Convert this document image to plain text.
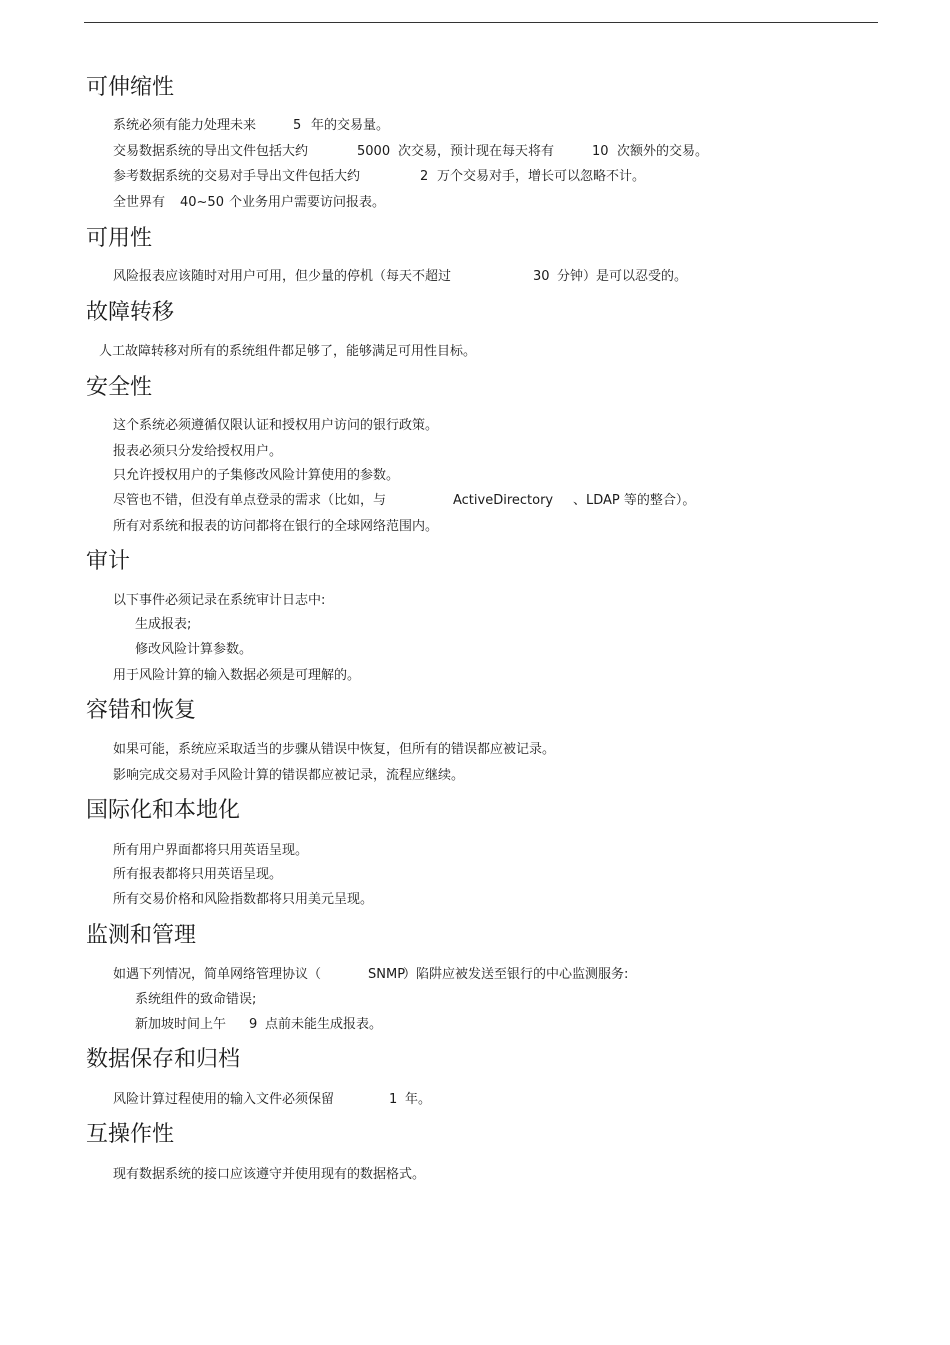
可伸缩性
系统必须有能力处理未来	5 年的交易量。
交易数据系统的导出文件包括大约	5000 次交易，预计现在每天将有	10 次额外的交易。
参考数据系统的交易对手导出文件包括大约	2 万个交易对手，增长可以忽略不计。
全世界有 40~50 个业务用户需要访问报表。
可用性
风险报表应该随时对用户可用，但少量的停机（每天不超过	30 分钟）是可以忍受的。
故障转移

人工故障转移对所有的系统组件都足够了，能够满足可用性目标。

安全性

这个系统必须遵循仅限认证和授权用户访问的银行政策。

报表必须只分发给授权用户。

只允许授权用户的子集修改风险计算使用的参数。

尽管也不错，但没有单点登录的需求（比如，与	ActiveDirectory 、LDAP 等的整合）。

所有对系统和报表的访问都将在银行的全球网络范围内。

审计

以下事件必须记录在系统审计日志中:

生成报表;

修改风险计算参数。

用于风险计算的输入数据必须是可理解的。

容错和恢复

如果可能，系统应采取适当的步骤从错误中恢复，但所有的错误都应被记录。

影响完成交易对手风险计算的错误都应被记录，流程应继续。

国际化和本地化

所有用户界面都将只用英语呈现。

所有报表都将只用英语呈现。

所有交易价格和风险指数都将只用美元呈现。

监测和管理
如遇下列情况，简单网络管理协议（	SNMP
）陷阱应被发送至银行的中心监测服务:

系统组件的致命错误;

新加坡时间上午 9 点前未能生成报表。
数据保存和归档
风险计算过程使用的输入文件必须保留	1 年。
互操作性

现有数据系统的接口应该遵守并使用现有的数据格式。
